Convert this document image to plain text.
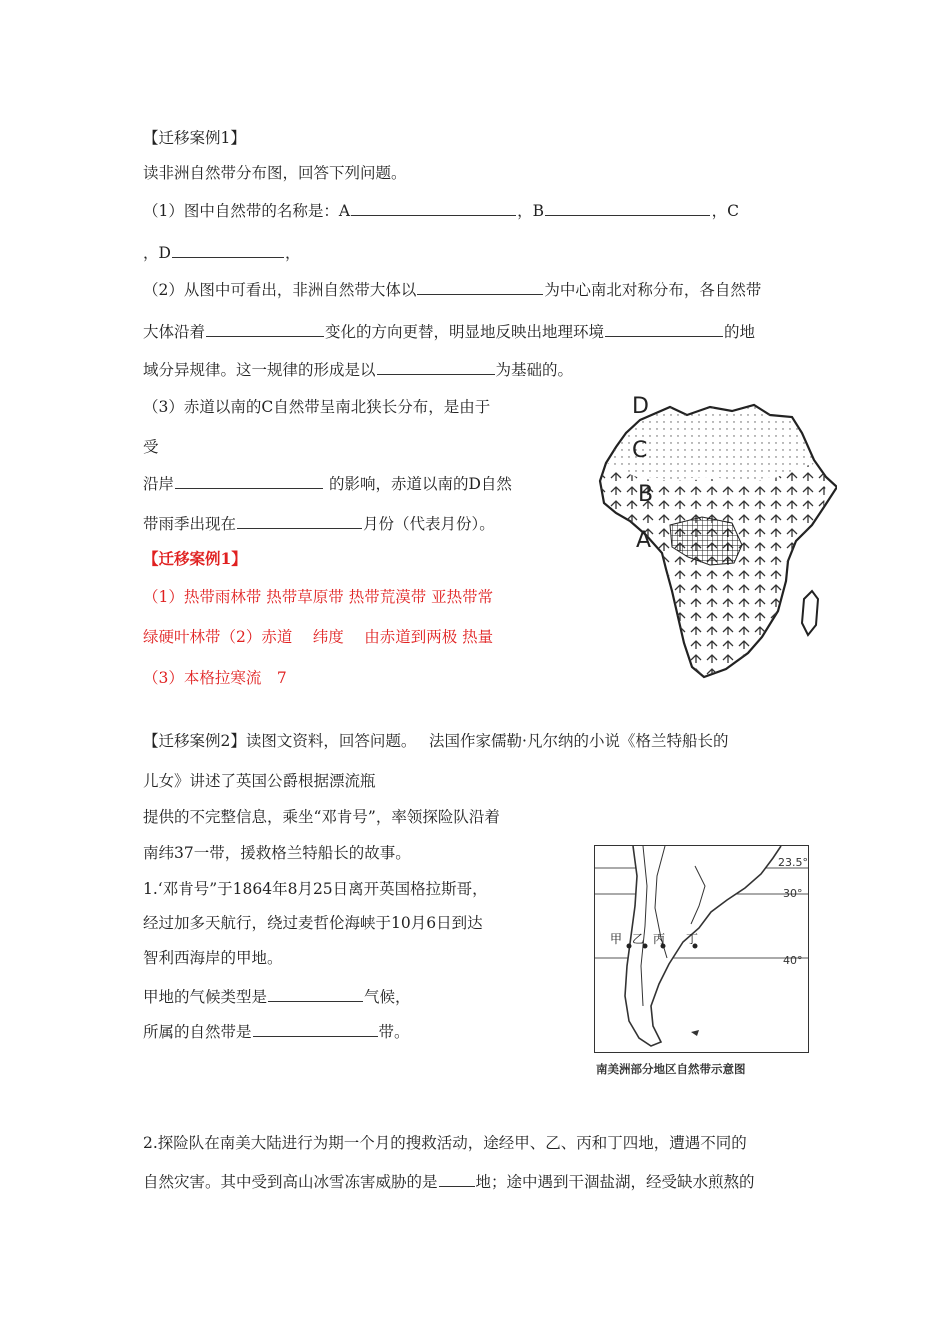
【迁移案例1】
读非洲自然带分布图，回答下列问题。
（1）图中自然带的名称是：A	，B	，C
，D	，
（2）从图中可看出，非洲自然带大体以	为中心南北对称分布，各自然带
大体沿着	变化的方向更替，明显地反映出地理环境	的地
域分异规律。这一规律的形成是以	为基础的。
（3）赤道以南的C自然带呈南北狭长分布，是由于
受
沿岸	的影响，赤道以南的D自然
带雨季出现在	月份（代表月份）。
【迁移案例1】
（1）热带雨林带 热带草原带 热带荒漠带 亚热带常
绿硬叶林带（2）赤道　 纬度　 由赤道到两极 热量
（3）本格拉寒流　7
D
C
B
A
【迁移案例2】读图文资料，回答问题。　 法国作家儒勒·凡尔纳的小说《格兰特船长的
儿女》讲述了英国公爵根据漂流瓶
提供的不完整信息，乘坐“邓肯号”，率领探险队沿着
南纬37一带，援救格兰特船长的故事。
1.‘邓肯号”于1864年8月25日离开英国格拉斯哥，
经过加多天航行，绕过麦哲伦海峡于10月6日到达
智利西海岸的甲地。
甲地的气候类型是	气候，
所属的自然带是	带。
23.5°
30°
40°
甲 乙 丙 丁
南美洲部分地区自然带示意图
2.探险队在南美大陆进行为期一个月的搜救活动，途经甲、乙、丙和丁四地，遭遇不同的
自然灾害。其中受到高山冰雪冻害威胁的是 地；途中遇到干涸盐湖，经受缺水煎熬的
